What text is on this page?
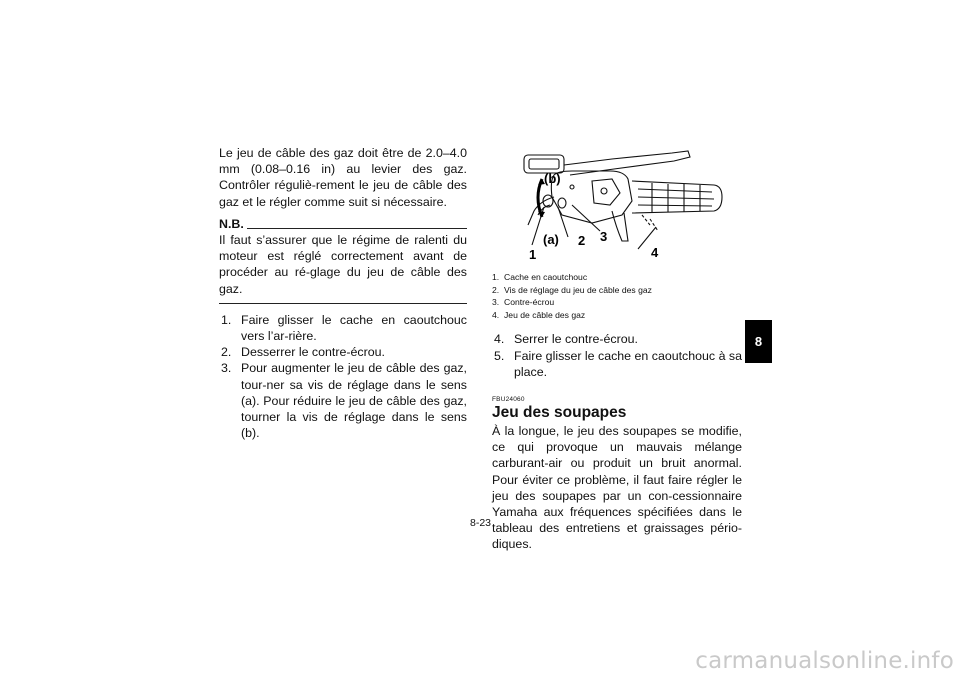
Le jeu de câble des gaz doit être de 2.0–4.0 mm (0.08–0.16 in) au levier des gaz. Contrôler réguliè-rement le jeu de câble des gaz et le régler comme suit si nécessaire.

N.B.

Il faut s’assurer que le régime de ralenti du moteur est réglé correctement avant de procéder au ré-glage du jeu de câble des gaz.

1. Faire glisser le cache en caoutchouc vers l’ar-rière.
2. Desserrer le contre-écrou.
3. Pour augmenter le jeu de câble des gaz, tour-ner sa vis de réglage dans le sens (a). Pour réduire le jeu de câble des gaz, tourner la vis de réglage dans le sens (b).
(b)
(a)
1
2 3
4
1. Cache en caoutchouc
2. Vis de réglage du jeu de câble des gaz
3. Contre-écrou
4. Jeu de câble des gaz
4. Serrer le contre-écrou.
5. Faire glisser le cache en caoutchouc à sa place.
FBU24060
Jeu des soupapes

À la longue, le jeu des soupapes se modifie, ce qui provoque un mauvais mélange carburant-air ou produit un bruit anormal. Pour éviter ce problème, il faut faire régler le jeu des soupapes par un con-cessionnaire Yamaha aux fréquences spécifiées dans le tableau des entretiens et graissages pério-diques.

8-23
8
carmanualsonline.info
